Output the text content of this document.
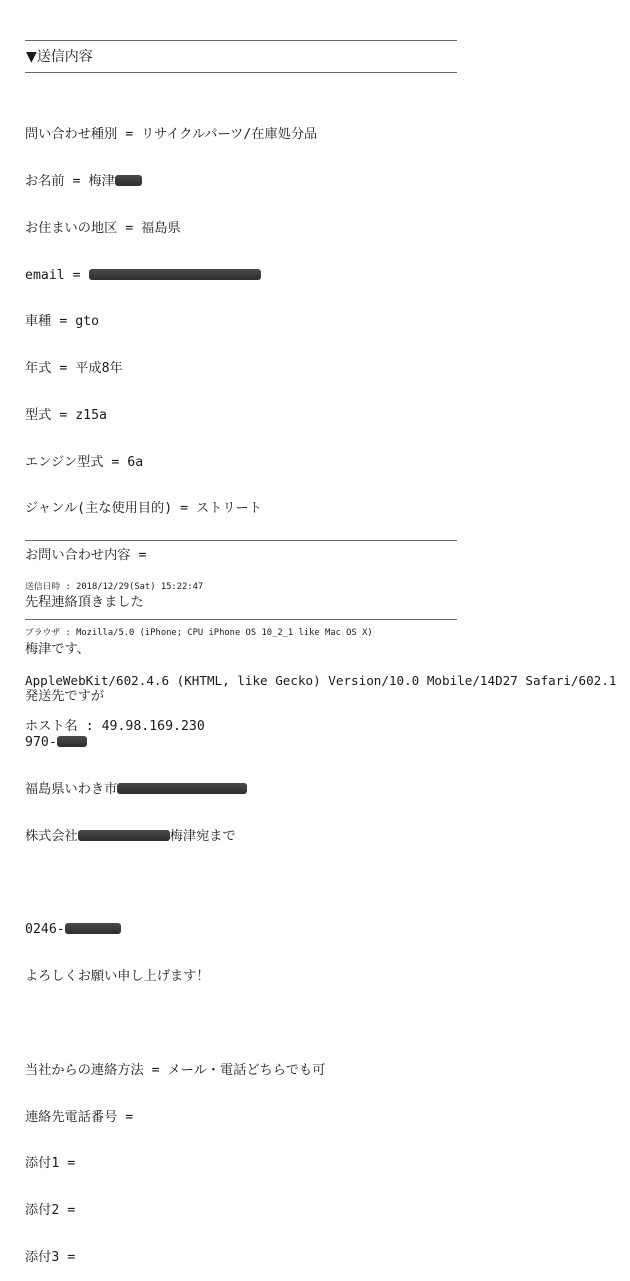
▼送信内容

問い合わせ種別 = リサイクルパーツ/在庫処分品

お名前 = 梅津

お住まいの地区 = 福島県

email =

車種 = gto

年式 = 平成8年

型式 = z15a

エンジン型式 = 6a

ジャンル(主な使用目的) = ストリート

お問い合わせ内容 =

先程連絡頂きました

梅津です、

発送先ですが

970-

福島県いわき市

株式会社	梅津宛まで

0246-

よろしくお願い申し上げます！

当社からの連絡方法 = メール・電話どちらでも可

連絡先電話番号 =

添付1 =

添付2 =

添付3 =

送信日時 : 2018/12/29(Sat) 15:22:47

ブラウザ : Mozilla/5.0 (iPhone; CPU iPhone OS 10_2_1 like Mac OS X)

AppleWebKit/602.4.6 (KHTML, like Gecko) Version/10.0 Mobile/14D27 Safari/602.1

ホスト名 : 49.98.169.230
